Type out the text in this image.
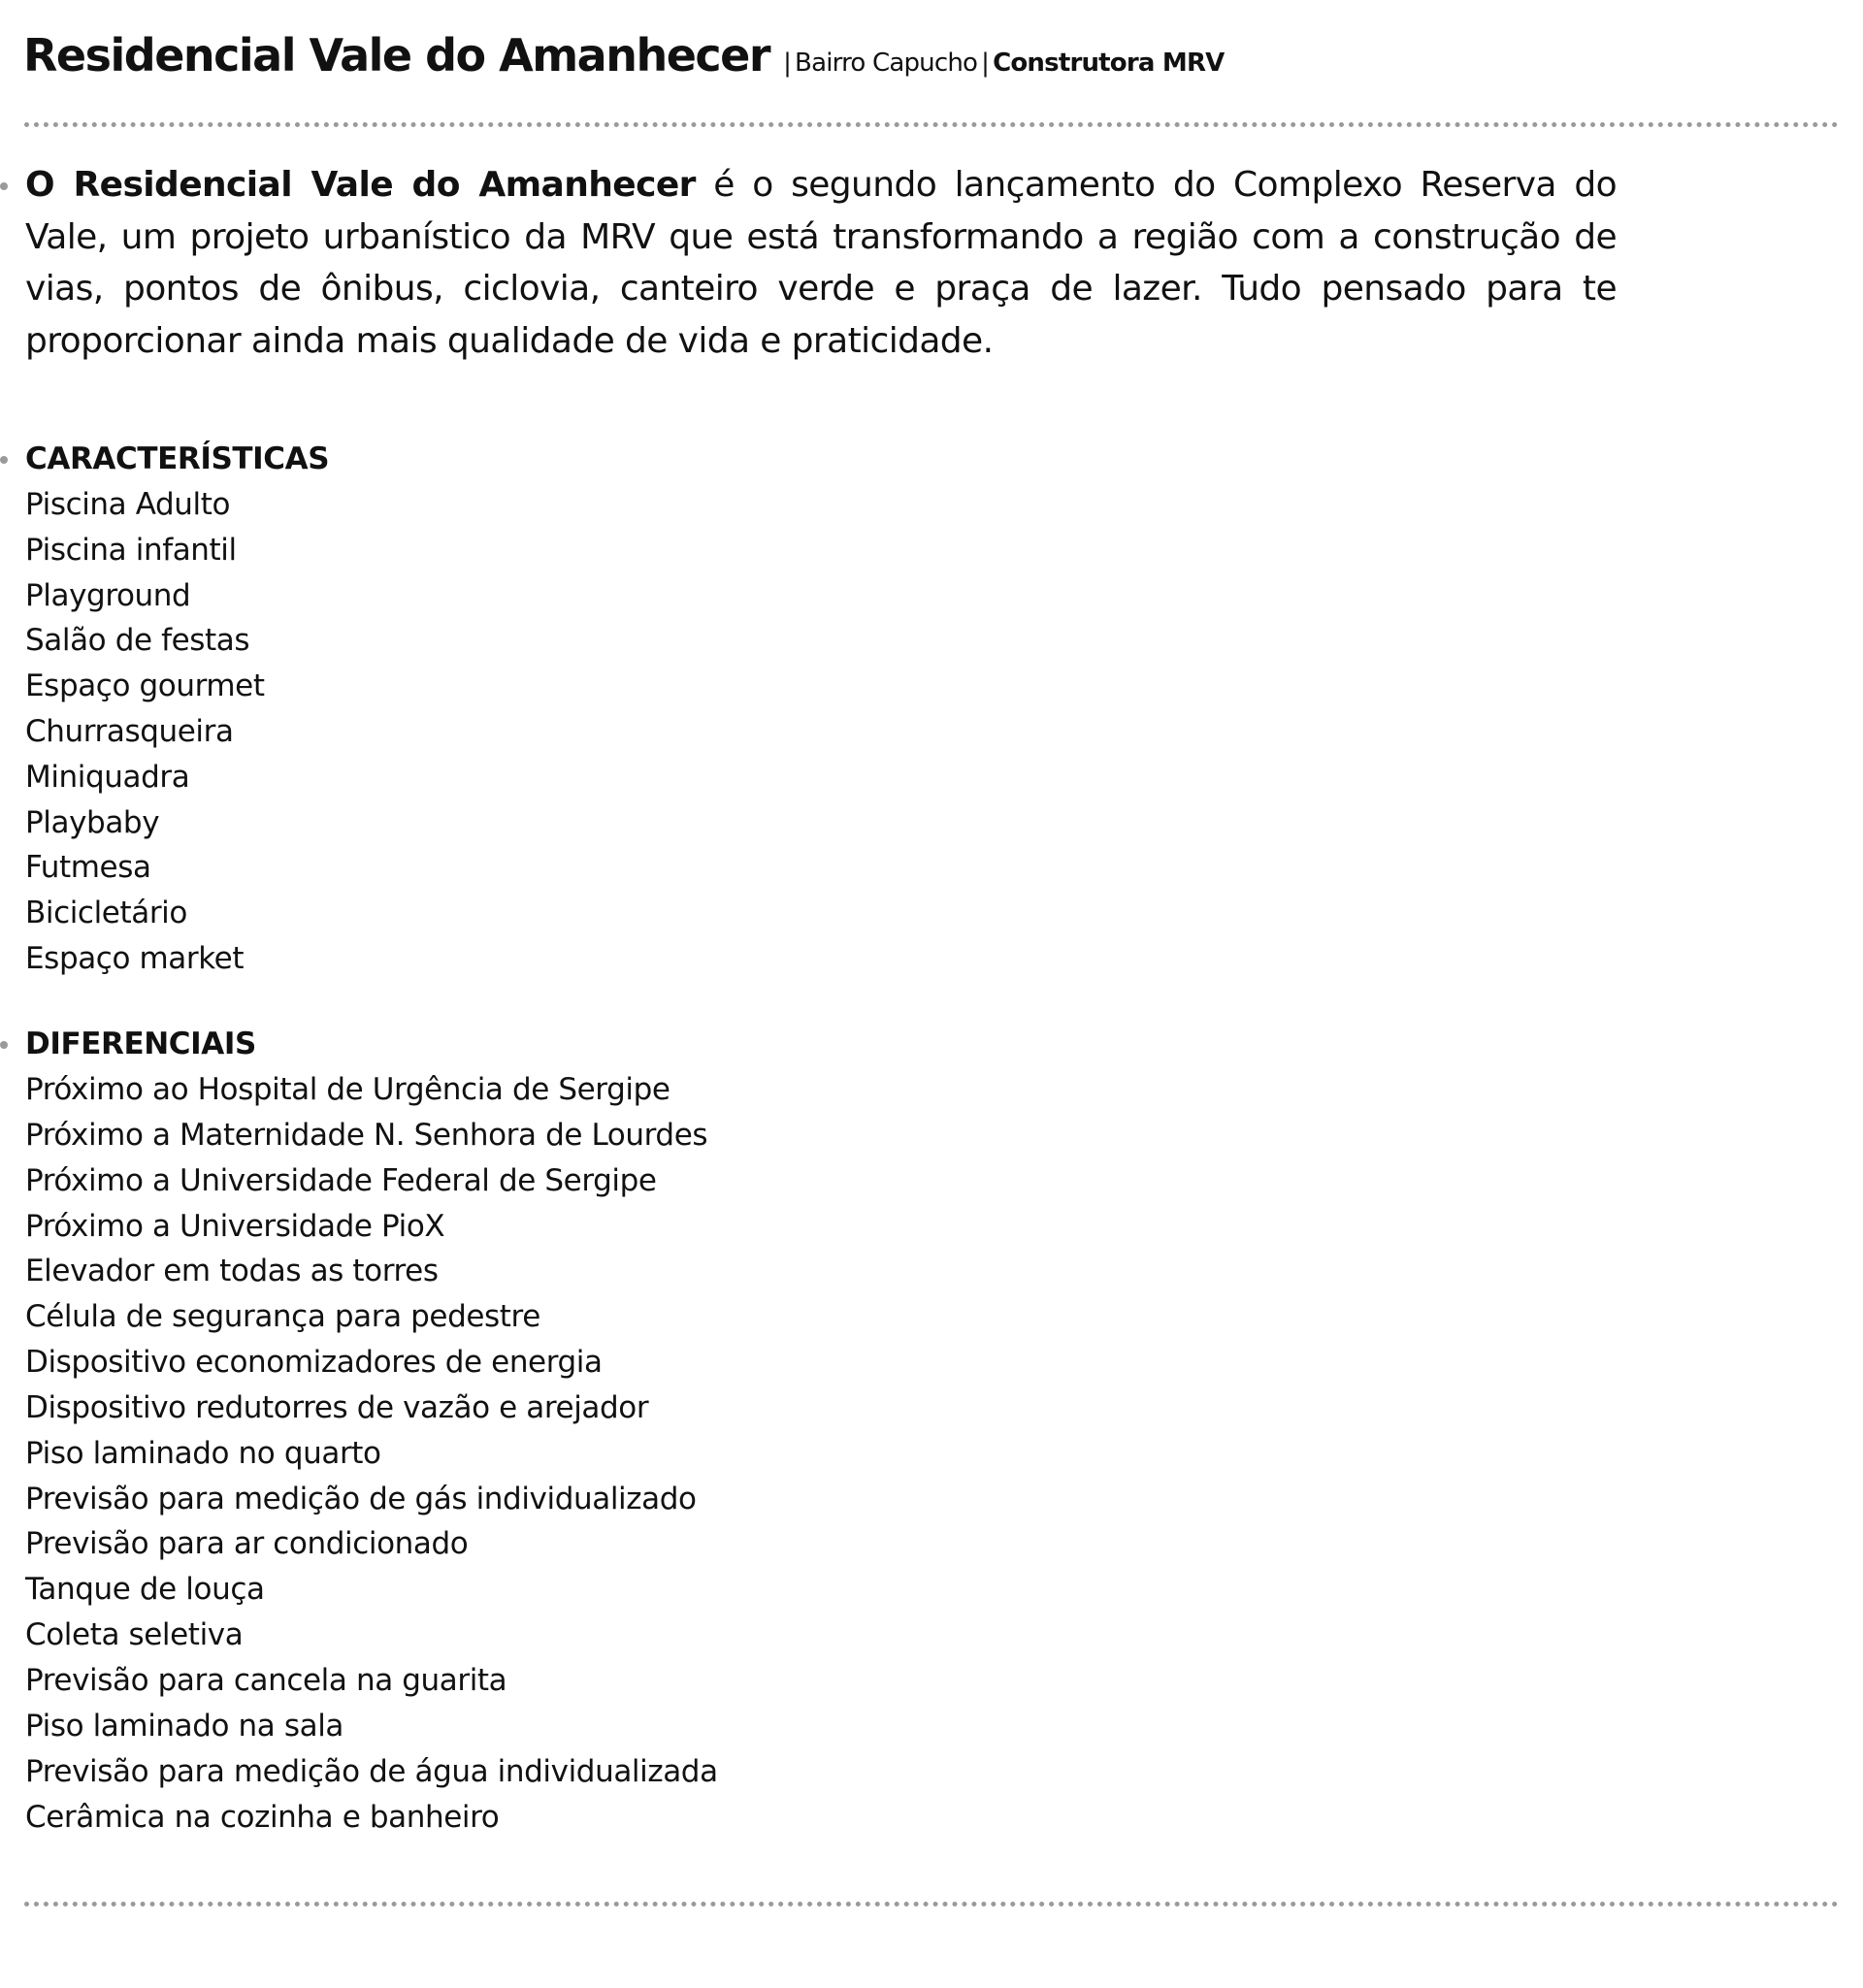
Residencial Vale do Amanhecer | Bairro Capucho | Construtora MRV
O Residencial Vale do Amanhecer é o segundo lançamento do Complexo Reserva do Vale, um projeto urbanístico da MRV que está transformando a região com a construção de vias, pontos de ônibus, ciclovia, canteiro verde e praça de lazer. Tudo pensado para te proporcionar ainda mais qualidade de vida e praticidade.
CARACTERÍSTICAS
Piscina Adulto
Piscina infantil
Playground
Salão de festas
Espaço gourmet
Churrasqueira
Miniquadra
Playbaby
Futmesa
Bicicletário
Espaço market
DIFERENCIAIS
Próximo ao Hospital de Urgência de Sergipe
Próximo a Maternidade N. Senhora de Lourdes
Próximo a Universidade Federal de Sergipe
Próximo a Universidade PioX
Elevador em todas as torres
Célula de segurança para pedestre
Dispositivo economizadores de energia
Dispositivo redutorres de vazão e arejador
Piso laminado no quarto
Previsão para medição de gás individualizado
Previsão para ar condicionado
Tanque de louça
Coleta seletiva
Previsão para cancela na guarita
Piso laminado na sala
Previsão para medição de água individualizada
Cerâmica na cozinha e banheiro
